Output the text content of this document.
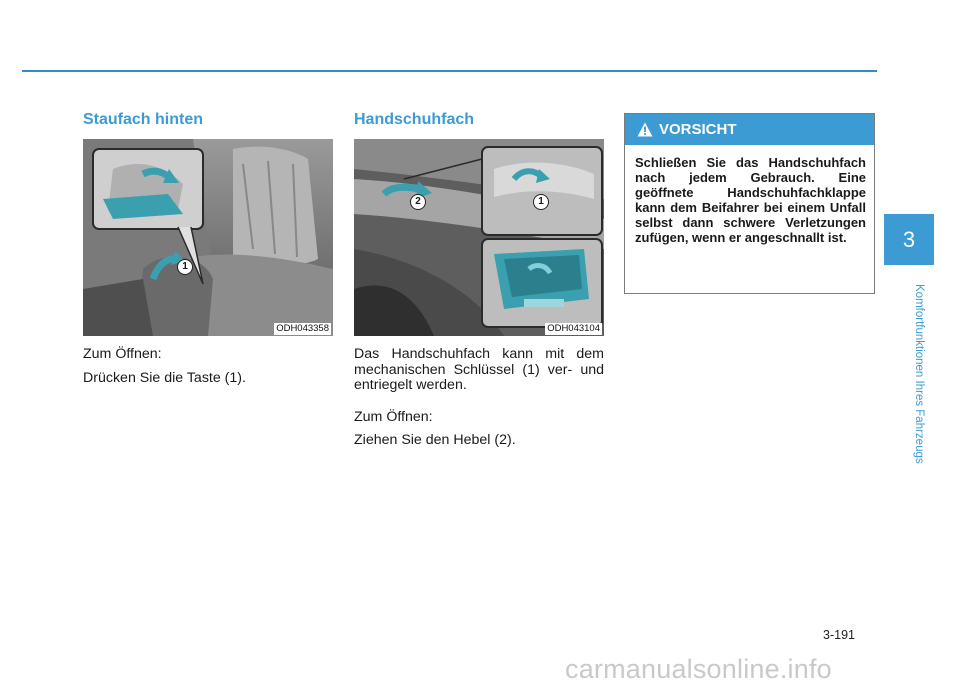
Staufach hinten
1
ODH043358

Zum Öffnen:

Drücken Sie die Taste (1).

Handschuhfach
2	1
ODH043104

Das Handschuhfach kann mit dem mechanischen Schlüssel (1) ver- und entriegelt werden.

Zum Öffnen:

Ziehen Sie den Hebel (2).

VORSICHT
Schließen Sie das Handschuhfach nach jedem Gebrauch. Eine geöffnete Handschuhfachklappe kann dem Beifahrer bei einem Unfall selbst dann schwere Verletzungen zufügen, wenn er angeschnallt ist.	3
Komfortfunktionen Ihres Fahrzeugs
3-191
carmanualsonline.info
